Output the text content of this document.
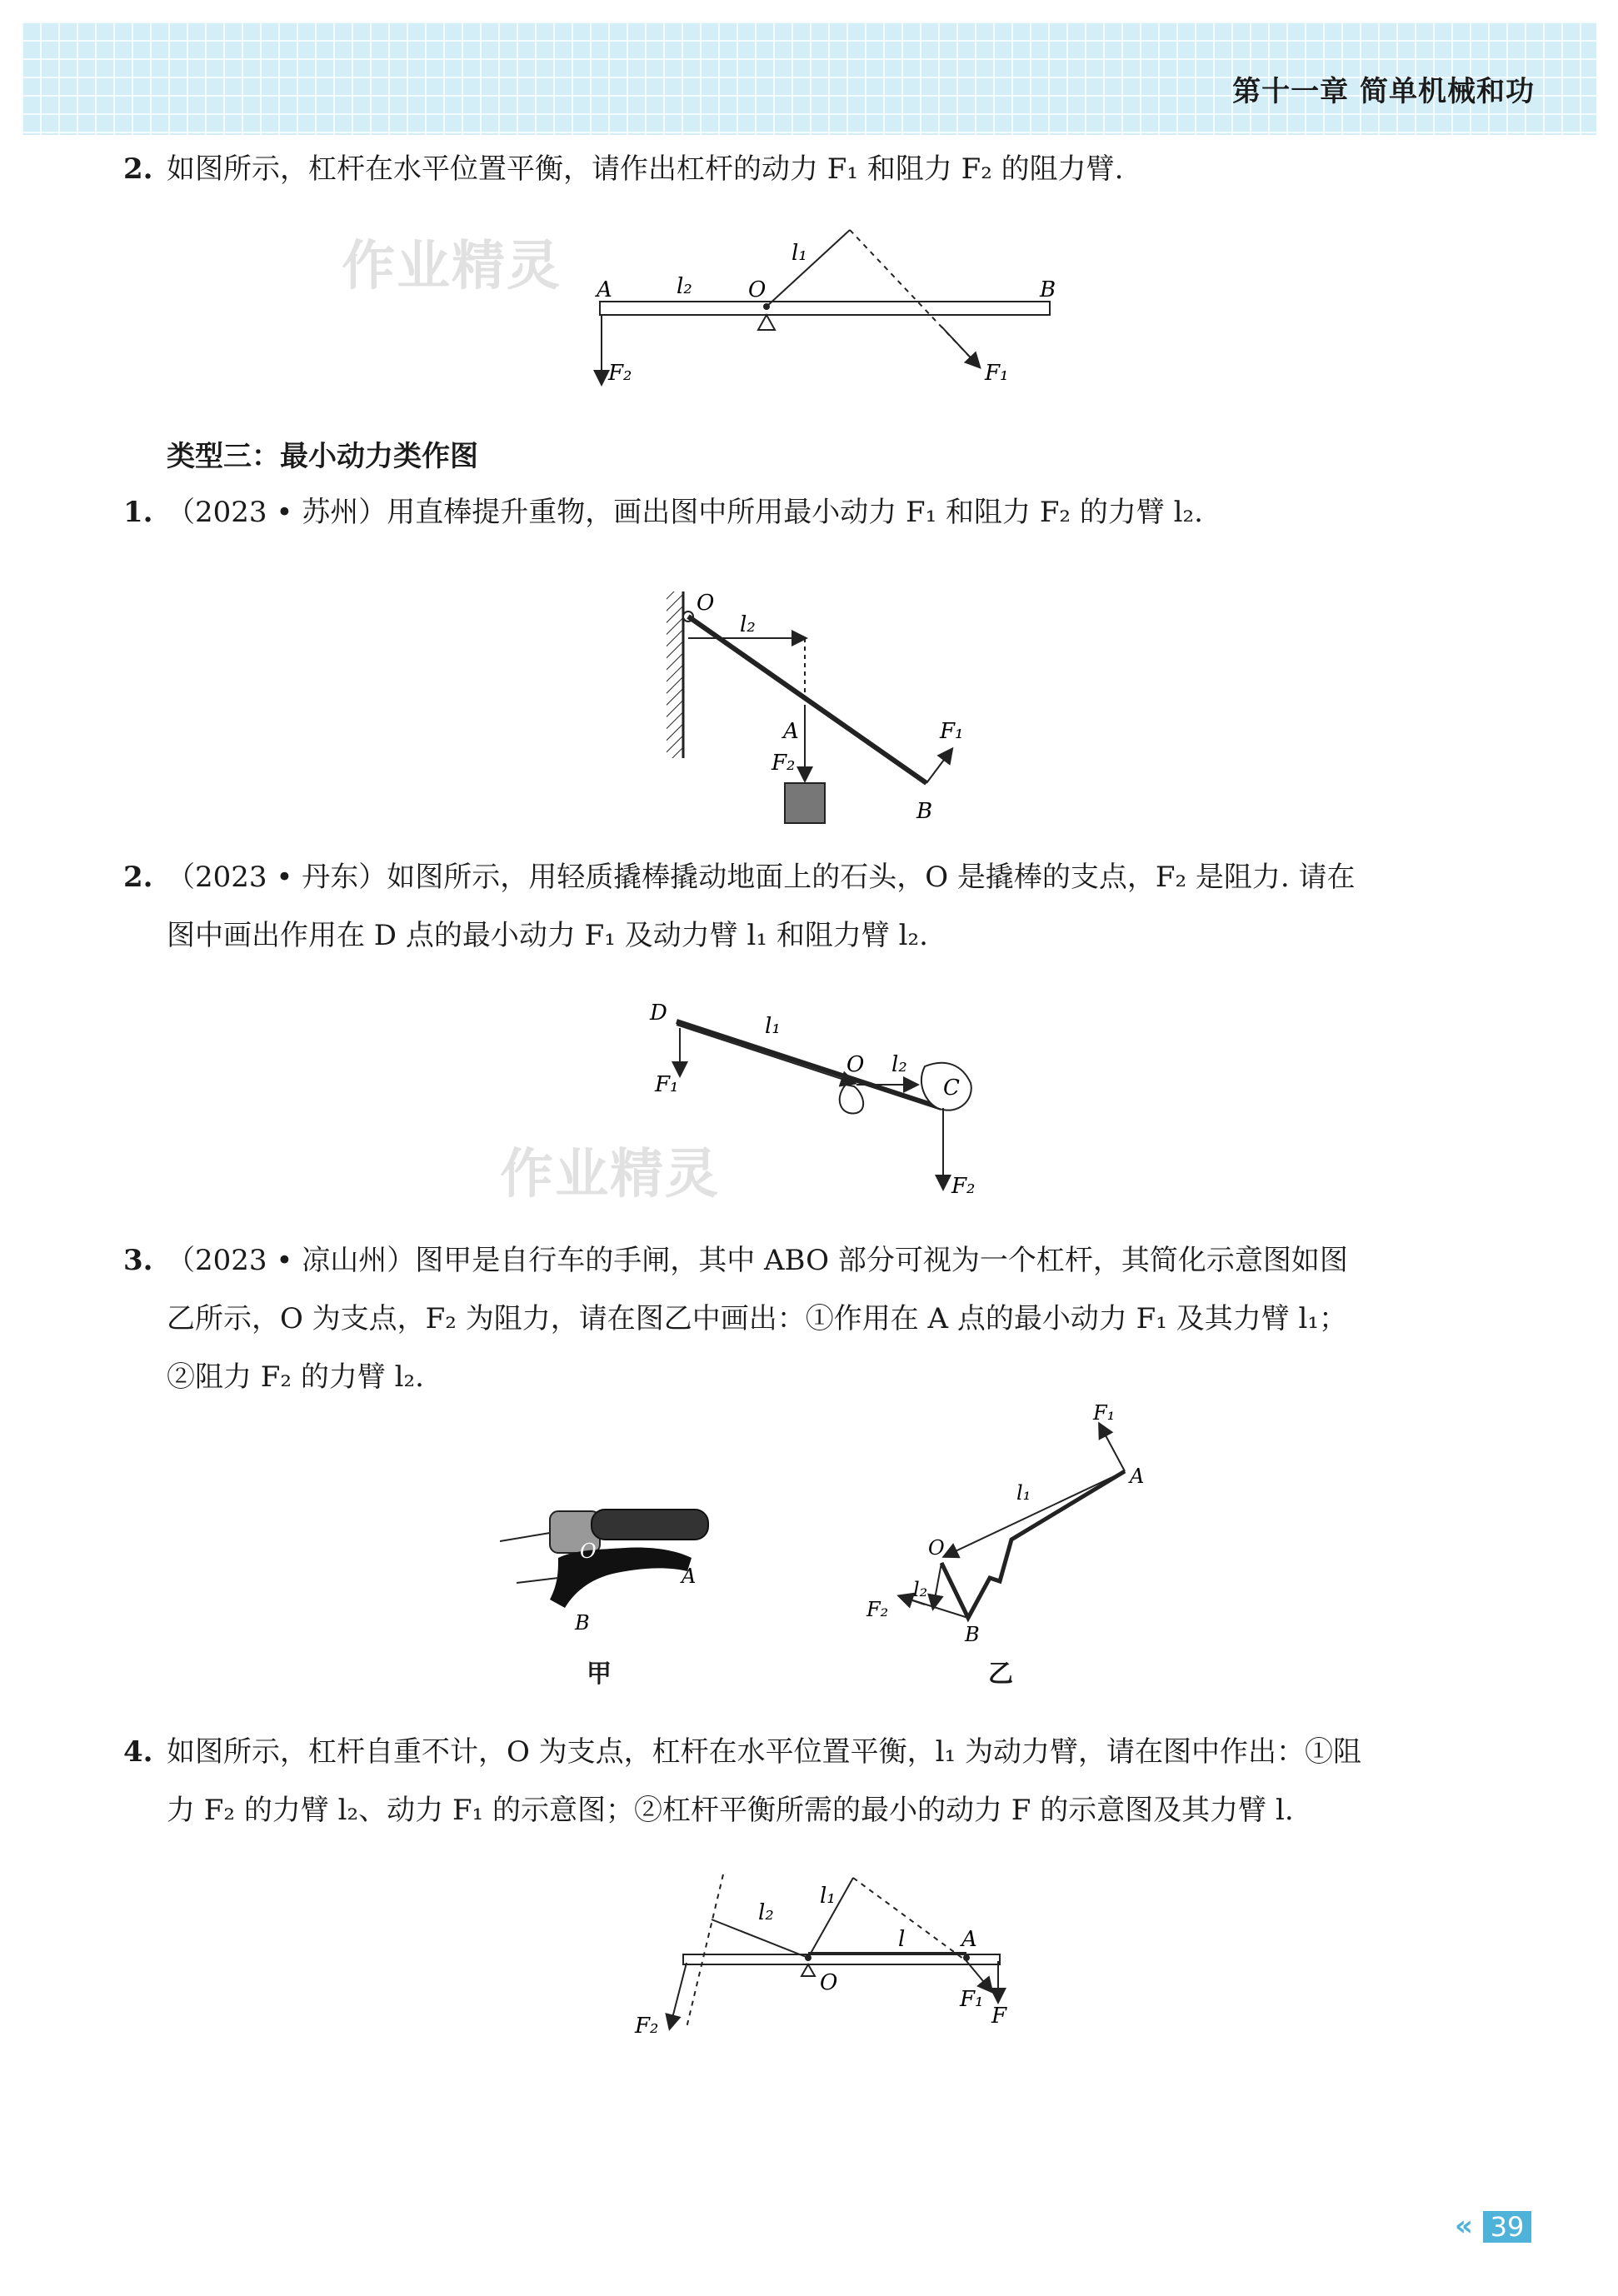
第十一章 简单机械和功
2. 如图所示，杠杆在水平位置平衡，请作出杠杆的动力 F₁ 和阻力 F₂ 的阻力臂.
作业精灵 A	l₂	O
l₁
B
F₁
F₂
类型三：最小动力类作图
1. （2023 • 苏州）用直棒提升重物，画出图中所用最小动力 F₁ 和阻力 F₂ 的力臂 l₂.
O
l₂
A
F₂
F₁
B
2. （2023 • 丹东）如图所示，用轻质撬棒撬动地面上的石头，O 是撬棒的支点，F₂ 是阻力. 请在
图中画出作用在 D 点的最小动力 F₁ 及动力臂 l₁ 和阻力臂 l₂.
D
l₁
O l₂
C
F₁
F₂
作业精灵
3. （2023 • 凉山州）图甲是自行车的手闸，其中 ABO 部分可视为一个杠杆，其简化示意图如图
乙所示，O 为支点，F₂ 为阻力，请在图乙中画出：①作用在 A 点的最小动力 F₁ 及其力臂 l₁；
②阻力 F₂ 的力臂 l₂.
O
A
B
甲
F₁
A
l₁
O
l₂
F₂
B
乙
4. 如图所示，杠杆自重不计，O 为支点，杠杆在水平位置平衡，l₁ 为动力臂，请在图中作出：①阻
力 F₂ 的力臂 l₂、动力 F₁ 的示意图；②杠杆平衡所需的最小的动力 F 的示意图及其力臂 l.
l₂
l₁
O
l	A
F₁
F
F₂
« 39
